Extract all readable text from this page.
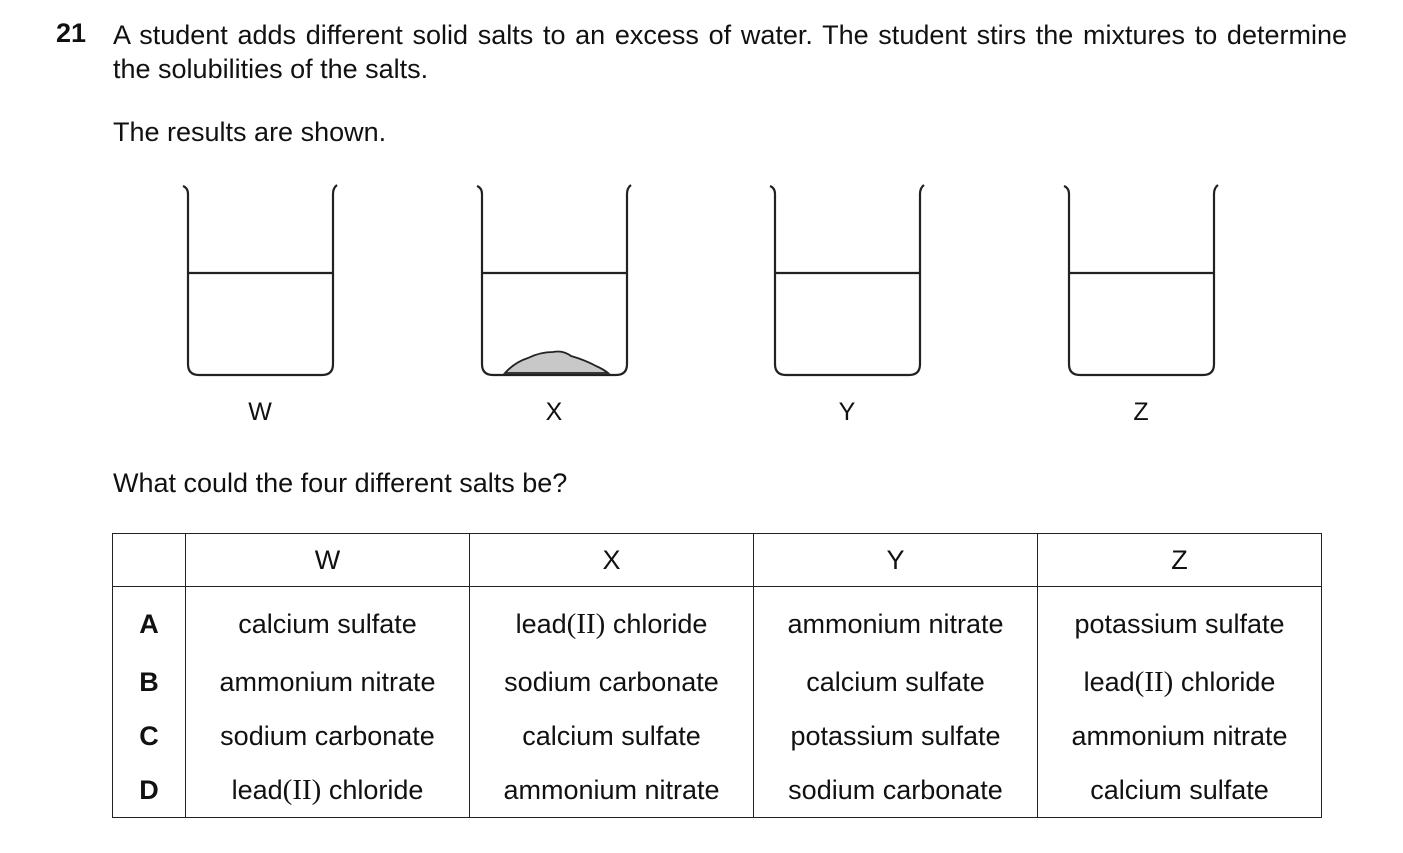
21 A student adds different solid salts to an excess of water. The student stirs the mixtures to determine the solubilities of the salts.
The results are shown.
W	X	Y	Z
What could the four different salts be?
	W	X	Y	Z
A	calcium sulfate	lead(II) chloride	ammonium nitrate	potassium sulfate
B	ammonium nitrate	sodium carbonate	calcium sulfate	lead(II) chloride
C	sodium carbonate	calcium sulfate	potassium sulfate	ammonium nitrate
D	lead(II) chloride	ammonium nitrate	sodium carbonate	calcium sulfate
